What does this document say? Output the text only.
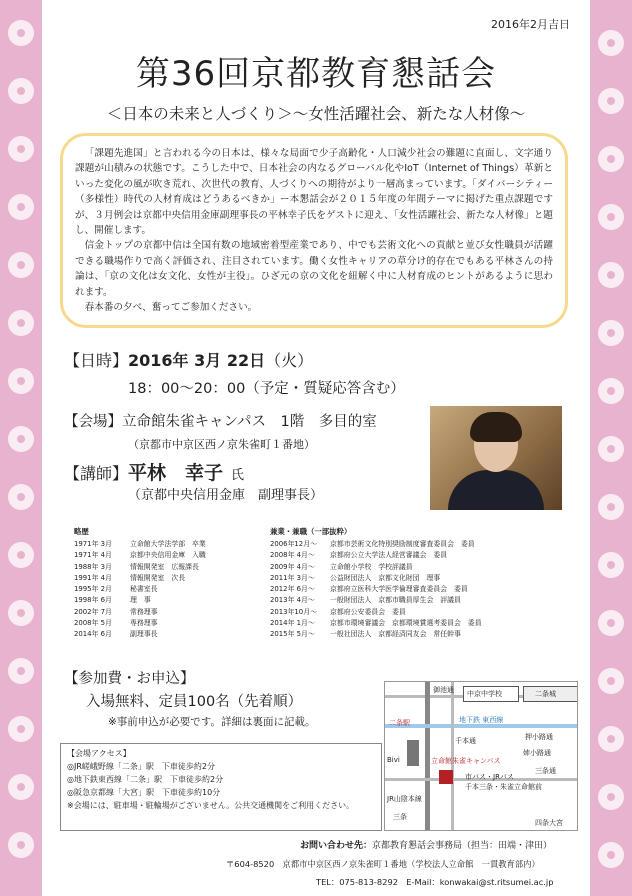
2016年2月吉日
第36回京都教育懇話会
＜日本の未来と人づくり＞～女性活躍社会、新たな人材像～

「課題先進国」と言われる今の日本は、様々な局面で少子高齢化・人口減少社会の難題に直面し、文字通り課題が山積みの状態です。こうした中で、日本社会の内なるグローバル化やIoT（Internet of Things）革新といった変化の風が吹き荒れ、次世代の教育、人づくりへの期待がより一層高まっています。「ダイバーシティー（多様性）時代の人材育成はどうあるべきか」ー本懇話会が２０１５年度の年間テーマに掲げた重点課題ですが、３月例会は京都中央信用金庫副理事長の平林幸子氏をゲストに迎え、「女性活躍社会、新たな人材像」と題し、開催します。

信金トップの京都中信は全国有数の地域密着型産業であり、中でも芸術文化への貢献と並び女性職員が活躍できる職場作りで高く評価され、注目されています。働く女性キャリアの草分け的存在でもある平林さんの持論は、「京の文化は女文化、女性が主役」。ひざ元の京の文化を紐解く中に人材育成のヒントがあるように思われます。

春本番の夕べ、奮ってご参加ください。

【日時】2016年 3月 22日（火）
18：00～20：00（予定・質疑応答含む）
【会場】立命館朱雀キャンパス　1階　多目的室
（京都市中京区西ノ京朱雀町１番地）
【講師】平林　幸子 氏
（京都中央信用金庫　副理事長）
略歴
1971年 3月	立命館大学法学部　卒業
1971年 4月	京都中央信用金庫　入職
1988年 3月	情報開発室　広報課長
1991年 4月	情報開発室　次長
1995年 2月	秘書室長
1998年 6月	理　事
2002年 7月	常務理事
2008年 5月	専務理事
2014年 6月	副理事長
兼業・兼職（一部抜粋）
2006年12月～ 京都市芸術文化特別奨励制度審査委員会　委員
2008年 4月～ 京都府公立大学法人経営審議会　委員
2009年 4月～ 立命館小学校　学校評議員
2011年 3月～ 公益財団法人　京都文化財団　理事
2012年 6月～ 京都府立医科大学医学倫理審査委員会　委員
2013年 4月～ 一般財団法人　京都市職員厚生会　評議員
2013年10月～ 京都府公安委員会　委員
2014年 1月～ 京都市環境審議会　京都環境賞選考委員会　委員
2015年 5月～ 一般社団法人　京都経済同友会　常任幹事
【参加費・お申込】
入場無料、定員100名（先着順）
※事前申込が必要です。詳細は裏面に記載。
【会場アクセス】
◎JR嵯峨野線「二条」駅　下車徒歩約2分
◎地下鉄東西線「二条」駅　下車徒歩約2分
◎阪急京都線「大宮」駅　下車徒歩約10分
※会場には、駐車場・駐輪場がございません。公共交通機関をご利用ください。
御池通 中京中学校	二条城
地下鉄 東西線
押小路通
二条駅
千本通
姉小路通
三条通
Bivi	立命館朱雀キャンパス
市バス・JRバス
千本三条・朱雀立命館前
JR山陰本線
四条大宮
三条
お問い合わせ先：京都教育懇話会事務局（担当：田端・津田）
〒604-8520　京都市中京区西ノ京朱雀町１番地（学校法人立命館　一貫教育部内）
TEL：075-813-8292　E-Mail：konwakai@st.ritsumei.ac.jp
